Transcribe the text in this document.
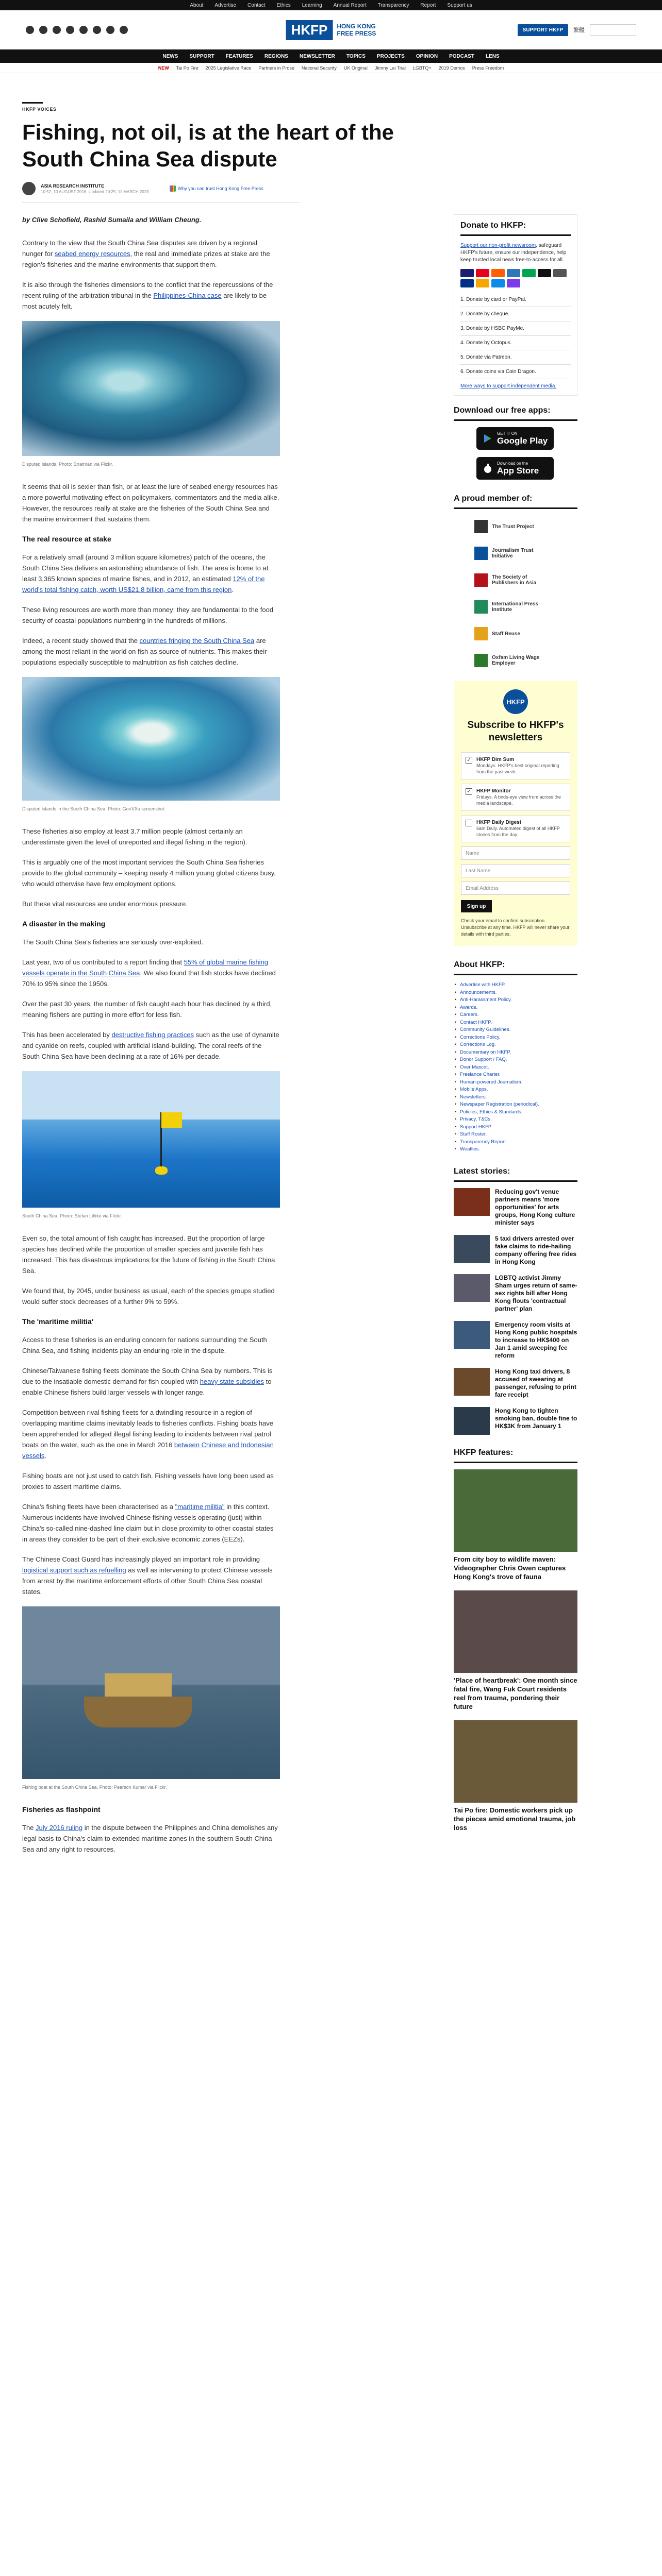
About Advertise Contact Ethics Learning Annual Report Transparency Report Support us
HKFP	HONG KONG
FREE PRESS	SUPPORT HKFP	繁體
NEWS SUPPORT FEATURES REGIONS NEWSLETTER TOPICS PROJECTS OPINION PODCAST LENS
NEW Tai Po Fire 2025 Legislative Race Partners in Prose National Security UK Original Jimmy Lai Trial LGBTQ+ 2019 Demos Press Freedom
HKFP VOICES
Fishing, not oil, is at the heart of the South China Sea dispute
ASIA RESEARCH INSTITUTE
10:52, 10 AUGUST 2016, Updated 20:25, 11 MARCH 2023
Why you can trust Hong Kong Free Press

by Clive Schofield, Rashid Sumaila and William Cheung.

Contrary to the view that the South China Sea disputes are driven by a regional hunger for seabed energy resources, the real and immediate prizes at stake are the region's fisheries and the marine environments that support them.

It is also through the fisheries dimensions to the conflict that the repercussions of the recent ruling of the arbitration tribunal in the Philippines-China case are likely to be most acutely felt.

Disputed islands. Photo: Stratman via Flickr.

It seems that oil is sexier than fish, or at least the lure of seabed energy resources has a more powerful motivating effect on policymakers, commentators and the media alike. However, the resources really at stake are the fisheries of the South China Sea and the marine environment that sustains them.

The real resource at stake

For a relatively small (around 3 million square kilometres) patch of the oceans, the South China Sea delivers an astonishing abundance of fish. The area is home to at least 3,365 known species of marine fishes, and in 2012, an estimated 12% of the world's total fishing catch, worth US$21.8 billion, came from this region.

These living resources are worth more than money; they are fundamental to the food security of coastal populations numbering in the hundreds of millions.

Indeed, a recent study showed that the countries fringing the South China Sea are among the most reliant in the world on fish as source of nutrients. This makes their populations especially susceptible to malnutrition as fish catches decline.

Disputed islands in the South China Sea. Photo: Gov't/Xu screenshot.

These fisheries also employ at least 3.7 million people (almost certainly an underestimate given the level of unreported and illegal fishing in the region).

This is arguably one of the most important services the South China Sea fisheries provide to the global community – keeping nearly 4 million young global citizens busy, who would otherwise have few employment options.

But these vital resources are under enormous pressure.

A disaster in the making

The South China Sea's fisheries are seriously over-exploited.

Last year, two of us contributed to a report finding that 55% of global marine fishing vessels operate in the South China Sea. We also found that fish stocks have declined 70% to 95% since the 1950s.

Over the past 30 years, the number of fish caught each hour has declined by a third, meaning fishers are putting in more effort for less fish.

This has been accelerated by destructive fishing practices such as the use of dynamite and cyanide on reefs, coupled with artificial island-building. The coral reefs of the South China Sea have been declining at a rate of 16% per decade.

South China Sea. Photo: Stefan Lillrke via Flickr.

Even so, the total amount of fish caught has increased. But the proportion of large species has declined while the proportion of smaller species and juvenile fish has increased. This has disastrous implications for the future of fishing in the South China Sea.

We found that, by 2045, under business as usual, each of the species groups studied would suffer stock decreases of a further 9% to 59%.

The 'maritime militia'

Access to these fisheries is an enduring concern for nations surrounding the South China Sea, and fishing incidents play an enduring role in the dispute.

Chinese/Taiwanese fishing fleets dominate the South China Sea by numbers. This is due to the insatiable domestic demand for fish coupled with heavy state subsidies to enable Chinese fishers build larger vessels with longer range.

Competition between rival fishing fleets for a dwindling resource in a region of overlapping maritime claims inevitably leads to fisheries conflicts. Fishing boats have been apprehended for alleged illegal fishing leading to incidents between rival patrol boats on the water, such as the one in March 2016 between Chinese and Indonesian vessels.

Fishing boats are not just used to catch fish. Fishing vessels have long been used as proxies to assert maritime claims.

China's fishing fleets have been characterised as a "maritime militia" in this context. Numerous incidents have involved Chinese fishing vessels operating (just) within China's so-called nine-dashed line claim but in close proximity to other coastal states in areas they consider to be part of their exclusive economic zones (EEZs).

The Chinese Coast Guard has increasingly played an important role in providing logistical support such as refuelling as well as intervening to protect Chinese vessels from arrest by the maritime enforcement efforts of other South China Sea coastal states.

Fishing boat at the South China Sea. Photo: Pearson Kumar via Flickr.
Fisheries as flashpoint

The July 2016 ruling in the dispute between the Philippines and China demolishes any legal basis to China's claim to extended maritime zones in the southern South China Sea and any right to resources.

Donate to HKFP:
Support our non-profit newsroom, safeguard HKFP's future, ensure our independence, help keep trusted local news free-to-access for all.
1. Donate by card or PayPal.
2. Donate by cheque.
3. Donate by HSBC PayMe.
4. Donate by Octopus.
5. Donate via Patreon.
6. Donate coins via Coin Dragon.
More ways to support independent media.
Download our free apps:
GET IT ON
Google Play
Download on the
App Store
A proud member of:
The Trust Project
Journalism Trust Initiative
The Society of Publishers in Asia
International Press Institute
Staff Reuse
Oxfam Living Wage Employer
HKFP
Subscribe to HKFP's newsletters
✓ HKFP Dim Sum
Mondays. HKFP's best original reporting from the past week.
✓ HKFP Monitor
Fridays. A birds-eye view from across the media landscape.
HKFP Daily Digest
6am Daily. Automated digest of all HKFP stories from the day.
Name
Last Name
Email Address
Sign up
Check your email to confirm subscription. Unsubscribe at any time. HKFP will never share your details with third parties.
About HKFP:
• Advertise with HKFP.
• Announcements.
• Anti-Harassment Policy.
• Awards.
• Careers.
• Contact HKFP.
• Community Guidelines.
• Corrections Policy.
• Corrections Log.
• Documentary on HKFP.
• Donor Support / FAQ.
• Over Mascot.
• Freelance Charter.
• Human-powered Journalism.
• Mobile Apps.
• Newsletters.
• Newspaper Registration (periodical).
• Policies, Ethics & Standards.
• Privacy, T&Cs.
• Support HKFP.
• Staff Roster.
• Transparency Report.
• Weatlies.
Latest stories:
Reducing gov't venue partners means 'more opportunities' for arts groups, Hong Kong culture minister says
5 taxi drivers arrested over fake claims to ride-hailing company offering free rides in Hong Kong
LGBTQ activist Jimmy Sham urges return of same-sex rights bill after Hong Kong flouts 'contractual partner' plan
Emergency room visits at Hong Kong public hospitals to increase to HK$400 on Jan 1 amid sweeping fee reform
Hong Kong taxi drivers, 8 accused of swearing at passenger, refusing to print fare receipt
Hong Kong to tighten smoking ban, double fine to HK$3K from January 1
HKFP features:
From city boy to wildlife maven: Videographer Chris Owen captures Hong Kong's trove of fauna
'Place of heartbreak': One month since fatal fire, Wang Fuk Court residents reel from trauma, pondering their future
Tai Po fire: Domestic workers pick up the pieces amid emotional trauma, job loss
